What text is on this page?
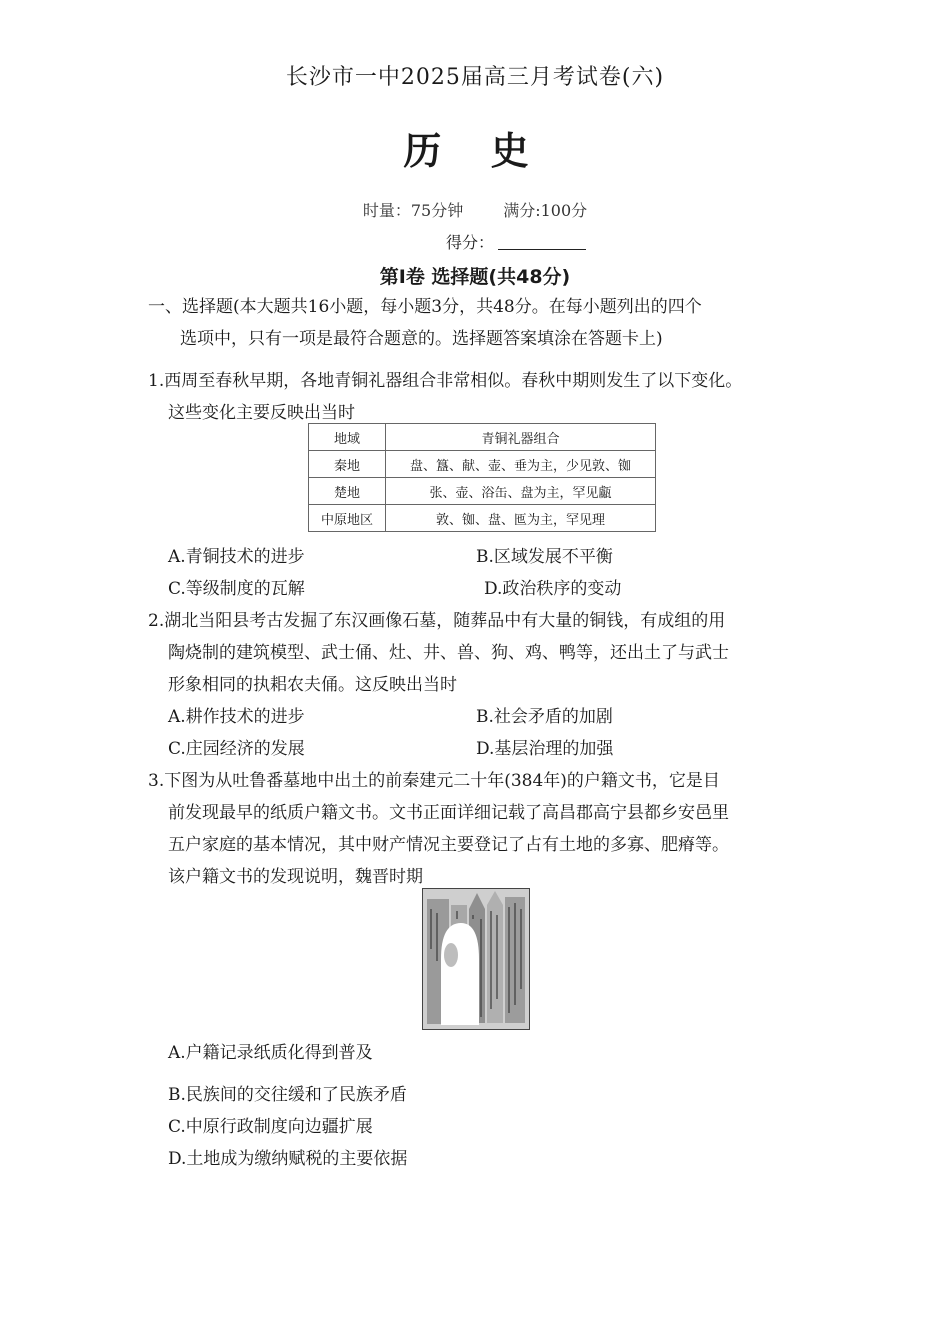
长沙市一中2025届高三月考试卷(六)
历 史
时量：75分钟	满分:100分
得分：
第Ⅰ卷 选择题(共48分)
一、选择题(本大题共16小题，每小题3分，共48分。在每小题列出的四个
选项中，只有一项是最符合题意的。选择题答案填涂在答题卡上)
1.西周至春秋早期，各地青铜礼器组合非常相似。春秋中期则发生了以下变化。
这些变化主要反映出当时
地域	青铜礼器组合
秦地	盘、簋、献、壶、垂为主，少见敦、铷
楚地	张、壶、浴缶、盘为主，罕见甗
中原地区	敦、铷、盘、匜为主，罕见理
A.青铜技术的进步	B.区域发展不平衡
C.等级制度的瓦解	D.政治秩序的变动
2.湖北当阳县考古发掘了东汉画像石墓，随葬品中有大量的铜钱，有成组的用
陶烧制的建筑模型、武士俑、灶、井、兽、狗、鸡、鸭等，还出土了与武士
形象相同的执耜农夫俑。这反映出当时
A.耕作技术的进步	B.社会矛盾的加剧
C.庄园经济的发展	D.基层治理的加强
3.下图为从吐鲁番墓地中出土的前秦建元二十年(384年)的户籍文书，它是目
前发现最早的纸质户籍文书。文书正面详细记载了高昌郡高宁县都乡安邑里
五户家庭的基本情况，其中财产情况主要登记了占有土地的多寡、肥瘠等。
该户籍文书的发现说明，魏晋时期
A.户籍记录纸质化得到普及
B.民族间的交往缓和了民族矛盾
C.中原行政制度向边疆扩展
D.土地成为缴纳赋税的主要依据
